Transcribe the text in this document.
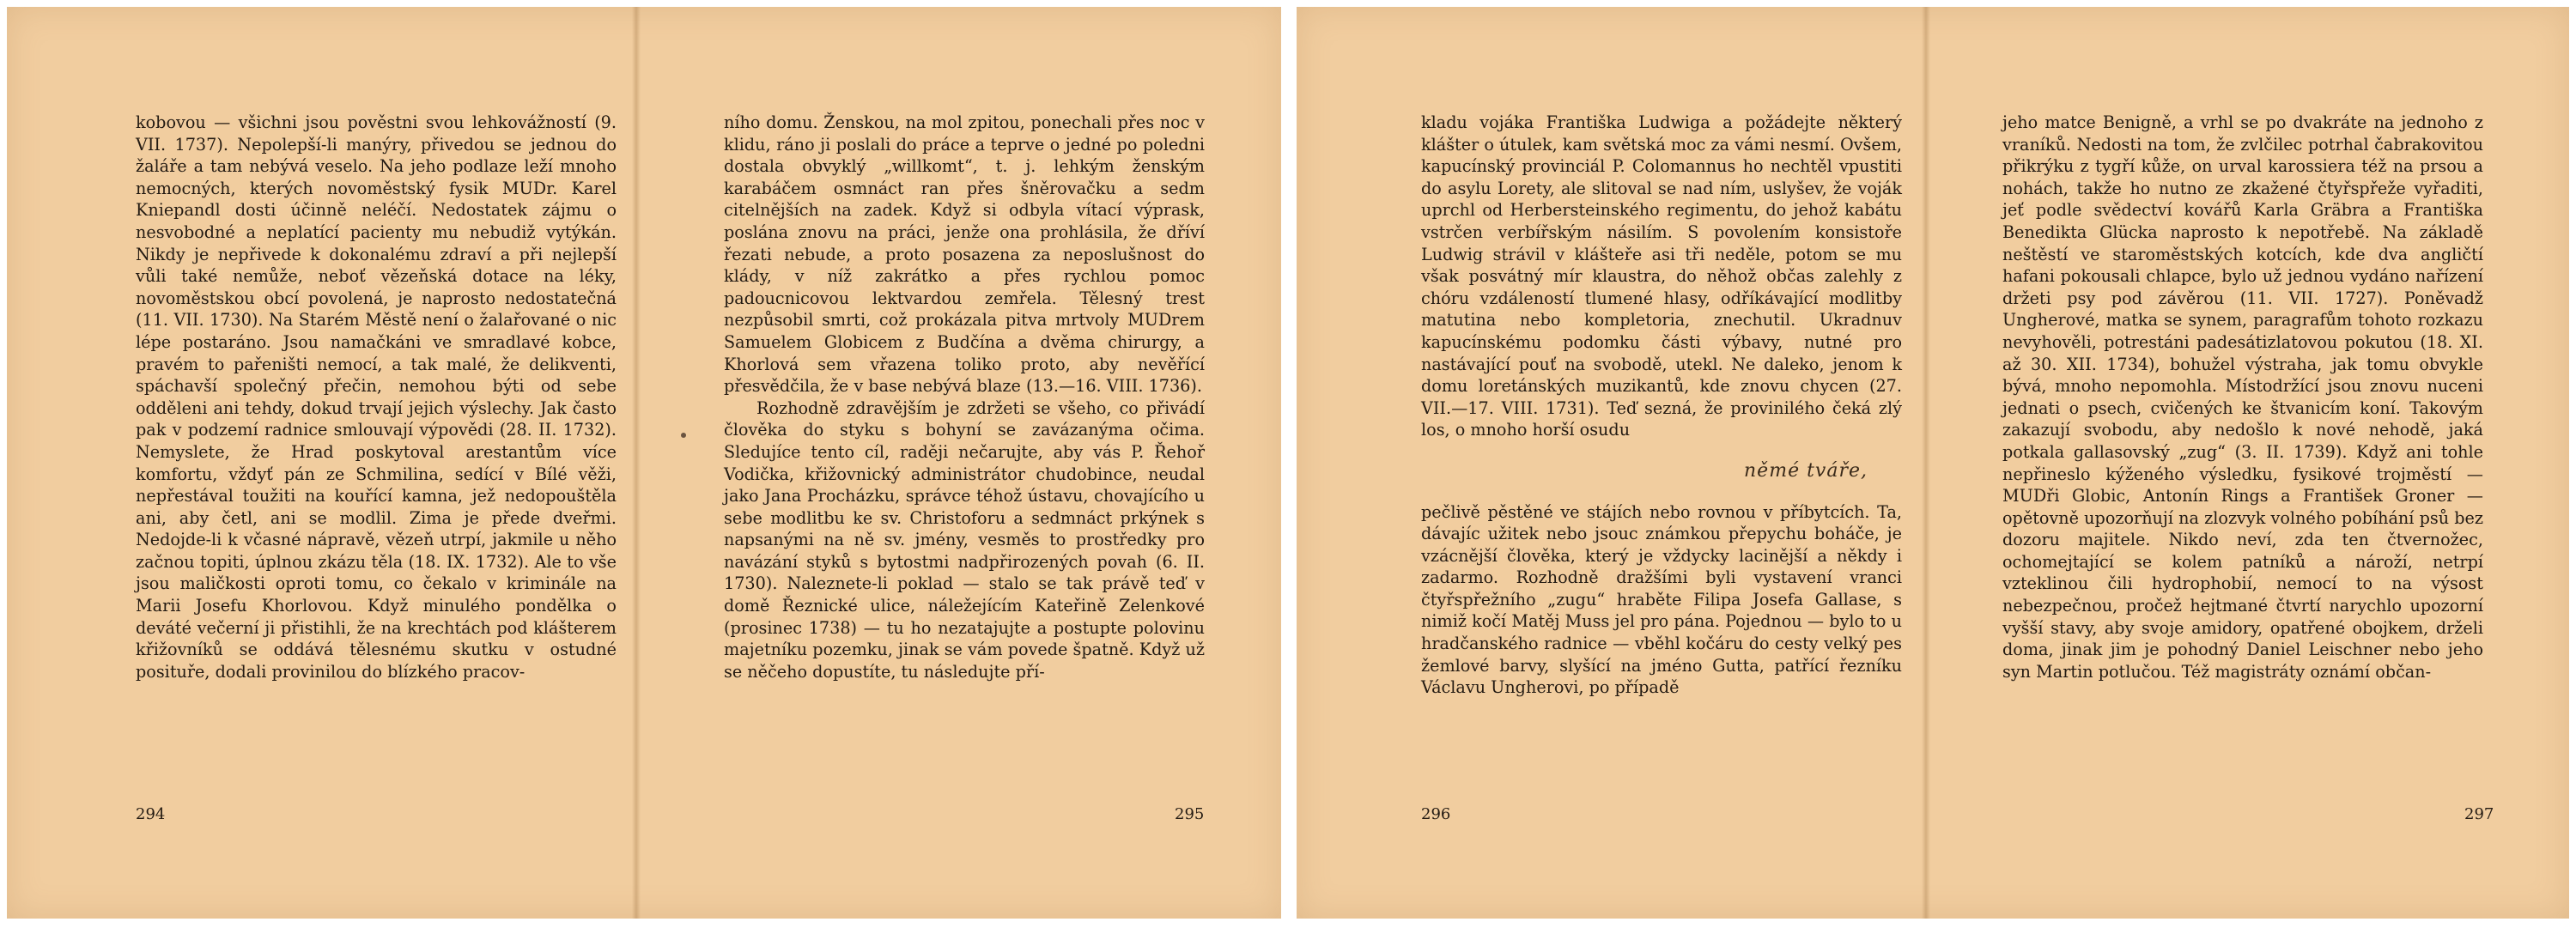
kobovou — všichni jsou pověstni svou lehkovážností (9. VII. 1737). Nepolepší-li manýry, přivedou se jednou do žaláře a tam nebývá veselo. Na jeho podlaze leží mnoho nemocných, kterých novoměstský fysik MUDr. Karel Kniepandl dosti účinně neléčí. Nedostatek zájmu o nesvobodné a neplatící pacienty mu nebudiž vytýkán. Nikdy je nepřivede k dokonalému zdraví a při nejlepší vůli také nemůže, neboť vězeňská dotace na léky, novoměstskou obcí povolená, je naprosto nedostatečná (11. VII. 1730). Na Starém Městě není o žalařované o nic lépe postaráno. Jsou namačkáni ve smradlavé kobce, pravém to pařeništi nemocí, a tak malé, že delikventi, spáchavší společný přečin, nemohou býti od sebe odděleni ani tehdy, dokud trvají jejich výslechy. Jak často pak v podzemí radnice smlouvají výpovědi (28. II. 1732). Nemyslete, že Hrad poskytoval arestantům více komfortu, vždyť pán ze Schmilina, sedící v Bílé věži, nepřestával toužiti na kouřící kamna, jež nedopouštěla ani, aby četl, ani se modlil. Zima je přede dveřmi. Nedojde-li k včasné nápravě, vězeň utrpí, jakmile u něho začnou topiti, úplnou zkázu těla (18. IX. 1732). Ale to vše jsou maličkosti oproti tomu, co čekalo v kriminále na Marii Josefu Khorlovou. Když minulého pondělka o deváté večerní ji přistihli, že na krechtách pod klášterem křižovníků se oddává tělesnému skutku v ostudné posituře, dodali provinilou do blízkého pracov-

294

ního domu. Ženskou, na mol zpitou, ponechali přes noc v klidu, ráno ji poslali do práce a teprve o jedné po poledni dostala obvyklý „willkomt“, t. j. lehkým ženským karabáčem osmnáct ran přes šněrovačku a sedm citelnějších na zadek. Když si odbyla vítací výprask, poslána znovu na práci, jenže ona prohlásila, že dříví řezati nebude, a proto posazena za neposlušnost do klády, v níž zakrátko a přes rychlou pomoc padoucnicovou lektvardou zemřela. Tělesný trest nezpůsobil smrti, což prokázala pitva mrtvoly MUDrem Samuelem Globicem z Budčína a dvěma chirurgy, a Khorlová sem vřazena toliko proto, aby nevěřící přesvědčila, že v base nebývá blaze (13.—16. VIII. 1736).

Rozhodně zdravějším je zdržeti se všeho, co přivádí člověka do styku s bohyní se zavázanýma očima. Sledujíce tento cíl, raději nečarujte, aby vás P. Řehoř Vodička, křižovnický administrátor chudobince, neudal jako Jana Procházku, správce téhož ústavu, chovajícího u sebe modlitbu ke sv. Christoforu a sedmnáct prkýnek s napsanými na ně sv. jmény, vesměs to prostředky pro navázání styků s bytostmi nadpřirozených povah (6. II. 1730). Naleznete-li poklad — stalo se tak právě teď v domě Řeznické ulice, náležejícím Kateřině Zelenkové (prosinec 1738) — tu ho nezatajujte a postupte polovinu majetníku pozemku, jinak se vám povede špatně. Když už se něčeho dopustíte, tu následujte pří-

295

kladu vojáka Františka Ludwiga a požádejte některý klášter o útulek, kam světská moc za vámi nesmí. Ovšem, kapucínský provinciál P. Colomannus ho nechtěl vpustiti do asylu Lorety, ale slitoval se nad ním, uslyšev, že voják uprchl od Herbersteinského regimentu, do jehož kabátu vstrčen verbířským násilím. S povolením konsistoře Ludwig strávil v klášteře asi tři neděle, potom se mu však posvátný mír klaustra, do něhož občas zalehly z chóru vzdáleností tlumené hlasy, odříkávající modlitby matutina nebo kompletoria, znechutil. Ukradnuv kapucínskému podomku části výbavy, nutné pro nastávající pouť na svobodě, utekl. Ne daleko, jenom k domu loretánských muzikantů, kde znovu chycen (27. VII.—17. VIII. 1731). Teď sezná, že provinilého čeká zlý los, o mnoho horší osudu

němé tváře,

pečlivě pěstěné ve stájích nebo rovnou v příbytcích. Ta, dávajíc užitek nebo jsouc známkou přepychu boháče, je vzácnější člověka, který je vždycky lacinější a někdy i zadarmo. Rozhodně dražšími byli vystavení vranci čtyřspřežního „zugu“ hraběte Filipa Josefa Gallase, s nimiž kočí Matěj Muss jel pro pána. Pojednou — bylo to u hradčanského radnice — vběhl kočáru do cesty velký pes žemlové barvy, slyšící na jméno Gutta, patřící řezníku Václavu Ungherovi, po případě

296

jeho matce Benigně, a vrhl se po dvakráte na jednoho z vraníků. Nedosti na tom, že zvlčilec potrhal čabrakovitou přikrýku z tygří kůže, on urval karossiera též na prsou a nohách, takže ho nutno ze zkažené čtyřspřeže vyřaditi, jeť podle svědectví kovářů Karla Gräbra a Františka Benedikta Glücka naprosto k nepotřebě. Na základě neštěstí ve staroměstských kotcích, kde dva angličtí hafani pokousali chlapce, bylo už jednou vydáno nařízení držeti psy pod závěrou (11. VII. 1727). Poněvadž Ungherové, matka se synem, paragrafům tohoto rozkazu nevyhověli, potrestáni padesátizlatovou pokutou (18. XI. až 30. XII. 1734), bohužel výstraha, jak tomu obvykle bývá, mnoho nepomohla. Místodržící jsou znovu nuceni jednati o psech, cvičených ke štvanicím koní. Takovým zakazují svobodu, aby nedošlo k nové nehodě, jaká potkala gallasovský „zug“ (3. II. 1739). Když ani tohle nepřineslo kýženého výsledku, fysikové trojměstí — MUDři Globic, Antonín Rings a František Groner — opětovně upozorňují na zlozvyk volného pobíhání psů bez dozoru majitele. Nikdo neví, zda ten čtvernožec, ochomejtající se kolem patníků a nároží, netrpí vzteklinou čili hydrophobií, nemocí to na výsost nebezpečnou, pročež hejtmané čtvrtí narychlo upozorní vyšší stavy, aby svoje amidory, opatřené obojkem, drželi doma, jinak jim je pohodný Daniel Leischner nebo jeho syn Martin potlučou. Též magistráty oznámí občan-

297
